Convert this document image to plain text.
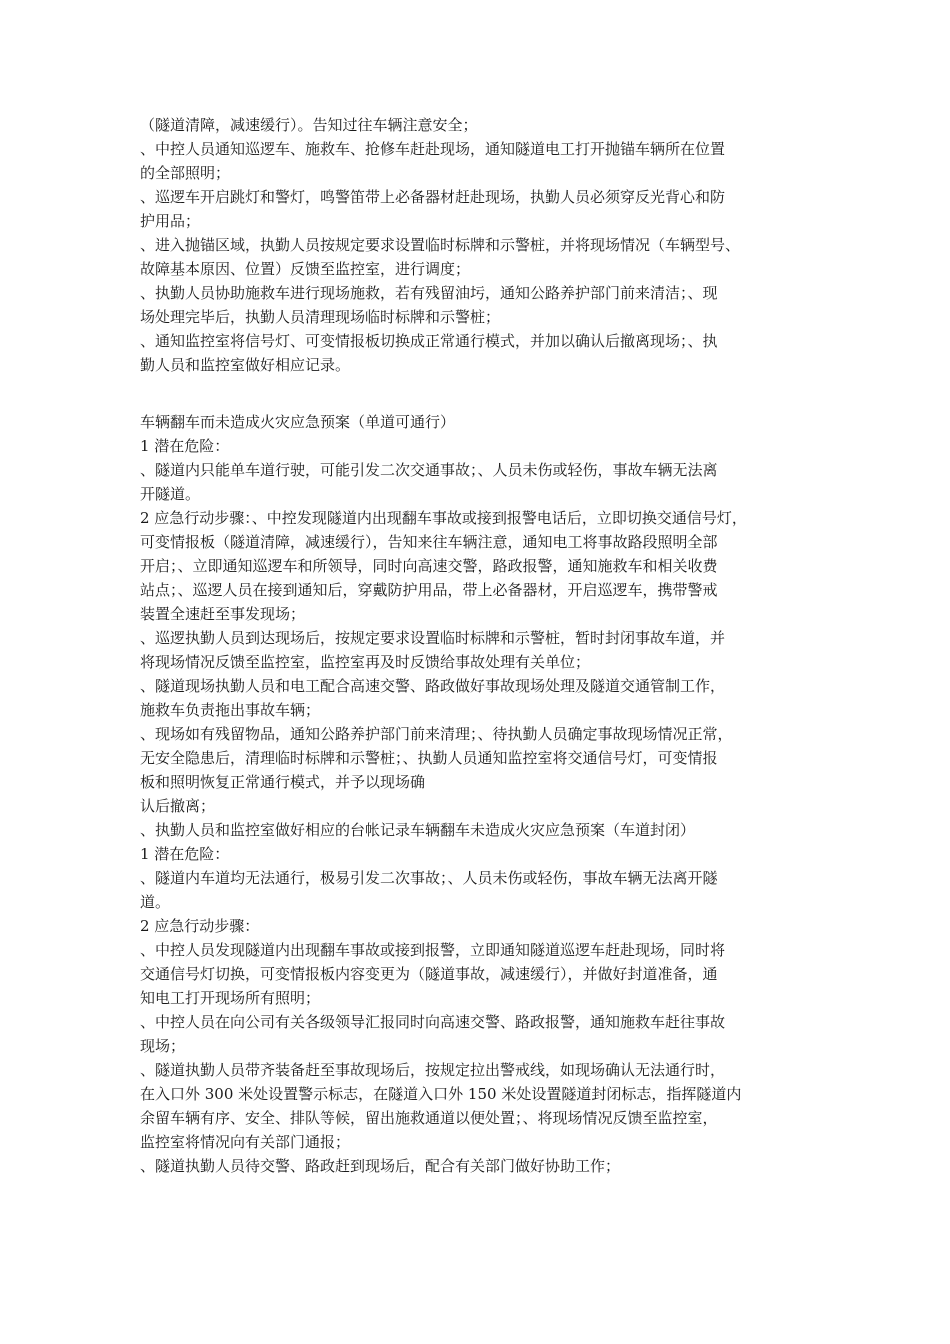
（隧道清障，减速缓行）。告知过往车辆注意安全；
、中控人员通知巡逻车、施救车、抢修车赶赴现场，通知隧道电工打开抛锚车辆所在位置
的全部照明；
、巡逻车开启跳灯和警灯，鸣警笛带上必备器材赶赴现场，执勤人员必须穿反光背心和防
护用品；
、进入抛锚区域，执勤人员按规定要求设置临时标牌和示警桩，并将现场情况（车辆型号、
故障基本原因、位置）反馈至监控室，进行调度；
、执勤人员协助施救车进行现场施救，若有残留油圬，通知公路养护部门前来清洁；、现
场处理完毕后，执勤人员清理现场临时标牌和示警桩；
、通知监控室将信号灯、可变情报板切换成正常通行模式，并加以确认后撤离现场；、执
勤人员和监控室做好相应记录。
车辆翻车而未造成火灾应急预案（单道可通行）
1 潜在危险：
、隧道内只能单车道行驶，可能引发二次交通事故；、人员未伤或轻伤，事故车辆无法离
开隧道。
2 应急行动步骤：、中控发现隧道内出现翻车事故或接到报警电话后，立即切换交通信号灯，
可变情报板（隧道清障，减速缓行），告知来往车辆注意，通知电工将事故路段照明全部
开启；、立即通知巡逻车和所领导，同时向高速交警，路政报警，通知施救车和相关收费
站点；、巡逻人员在接到通知后，穿戴防护用品，带上必备器材，开启巡逻车，携带警戒
装置全速赶至事发现场；
、巡逻执勤人员到达现场后，按规定要求设置临时标牌和示警桩，暂时封闭事故车道，并
将现场情况反馈至监控室，监控室再及时反馈给事故处理有关单位；
、隧道现场执勤人员和电工配合高速交警、路政做好事故现场处理及隧道交通管制工作，
施救车负责拖出事故车辆；
、现场如有残留物品，通知公路养护部门前来清理；、待执勤人员确定事故现场情况正常，
无安全隐患后，清理临时标牌和示警桩；、执勤人员通知监控室将交通信号灯，可变情报
板和照明恢复正常通行模式，并予以现场确
认后撤离；
、执勤人员和监控室做好相应的台帐记录车辆翻车未造成火灾应急预案（车道封闭）
1 潜在危险：
、隧道内车道均无法通行，极易引发二次事故；、人员未伤或轻伤，事故车辆无法离开隧
道。
2 应急行动步骤：
、中控人员发现隧道内出现翻车事故或接到报警，立即通知隧道巡逻车赶赴现场，同时将
交通信号灯切换，可变情报板内容变更为（隧道事故，减速缓行），并做好封道准备，通
知电工打开现场所有照明；
、中控人员在向公司有关各级领导汇报同时向高速交警、路政报警，通知施救车赶往事故
现场；
、隧道执勤人员带齐装备赶至事故现场后，按规定拉出警戒线，如现场确认无法通行时，
在入口外 300 米处设置警示标志，在隧道入口外 150 米处设置隧道封闭标志，指挥隧道内
余留车辆有序、安全、排队等候，留出施救通道以便处置；、将现场情况反馈至监控室，
监控室将情况向有关部门通报；
、隧道执勤人员待交警、路政赶到现场后，配合有关部门做好协助工作；
